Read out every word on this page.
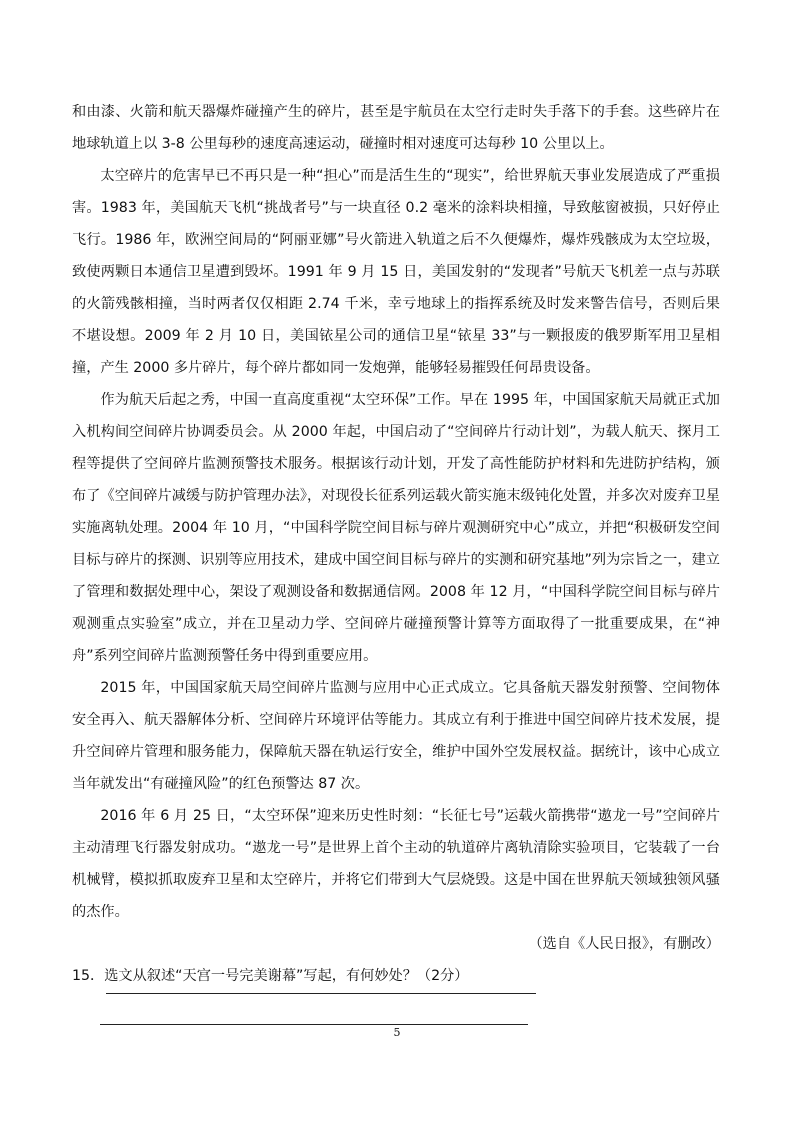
和由漆、火箭和航天器爆炸碰撞产生的碎片，甚至是宇航员在太空行走时失手落下的手套。这些碎片在地球轨道上以 3-8 公里每秒的速度高速运动，碰撞时相对速度可达每秒 10 公里以上。

太空碎片的危害早已不再只是一种“担心”而是活生生的“现实”，给世界航天事业发展造成了严重损害。1983 年，美国航天飞机“挑战者号”与一块直径 0.2 毫米的涂料块相撞，导致舷窗被损，只好停止飞行。1986 年，欧洲空间局的“阿丽亚娜”号火箭进入轨道之后不久便爆炸，爆炸残骸成为太空垃圾，致使两颗日本通信卫星遭到毁坏。1991 年 9 月 15 日，美国发射的“发现者”号航天飞机差一点与苏联的火箭残骸相撞，当时两者仅仅相距 2.74 千米，幸亏地球上的指挥系统及时发来警告信号，否则后果不堪设想。2009 年 2 月 10 日，美国铱星公司的通信卫星“铱星 33”与一颗报废的俄罗斯军用卫星相撞，产生 2000 多片碎片，每个碎片都如同一发炮弹，能够轻易摧毁任何昂贵设备。

作为航天后起之秀，中国一直高度重视“太空环保”工作。早在 1995 年，中国国家航天局就正式加入机构间空间碎片协调委员会。从 2000 年起，中国启动了“空间碎片行动计划”，为载人航天、探月工程等提供了空间碎片监测预警技术服务。根据该行动计划，开发了高性能防护材料和先进防护结构，颁布了《空间碎片减缓与防护管理办法》，对现役长征系列运载火箭实施末级钝化处置，并多次对废弃卫星实施离轨处理。2004 年 10 月，“中国科学院空间目标与碎片观测研究中心”成立，并把“积极研发空间目标与碎片的探测、识别等应用技术，建成中国空间目标与碎片的实测和研究基地”列为宗旨之一，建立了管理和数据处理中心，架设了观测设备和数据通信网。2008 年 12 月，“中国科学院空间目标与碎片观测重点实验室”成立，并在卫星动力学、空间碎片碰撞预警计算等方面取得了一批重要成果，在“神舟”系列空间碎片监测预警任务中得到重要应用。

2015 年，中国国家航天局空间碎片监测与应用中心正式成立。它具备航天器发射预警、空间物体安全再入、航天器解体分析、空间碎片环境评估等能力。其成立有利于推进中国空间碎片技术发展，提升空间碎片管理和服务能力，保障航天器在轨运行安全，维护中国外空发展权益。据统计，该中心成立当年就发出“有碰撞风险”的红色预警达 87 次。

2016 年 6 月 25 日，“太空环保”迎来历史性时刻：“长征七号”运载火箭携带“遨龙一号”空间碎片主动清理飞行器发射成功。“遨龙一号”是世界上首个主动的轨道碎片离轨清除实验项目，它装载了一台机械臂，模拟抓取废弃卫星和太空碎片，并将它们带到大气层烧毁。这是中国在世界航天领域独领风骚的杰作。

（选自《人民日报》，有删改）

15．选文从叙述“天宫一号完美谢幕”写起，有何妙处？（2分）

5
